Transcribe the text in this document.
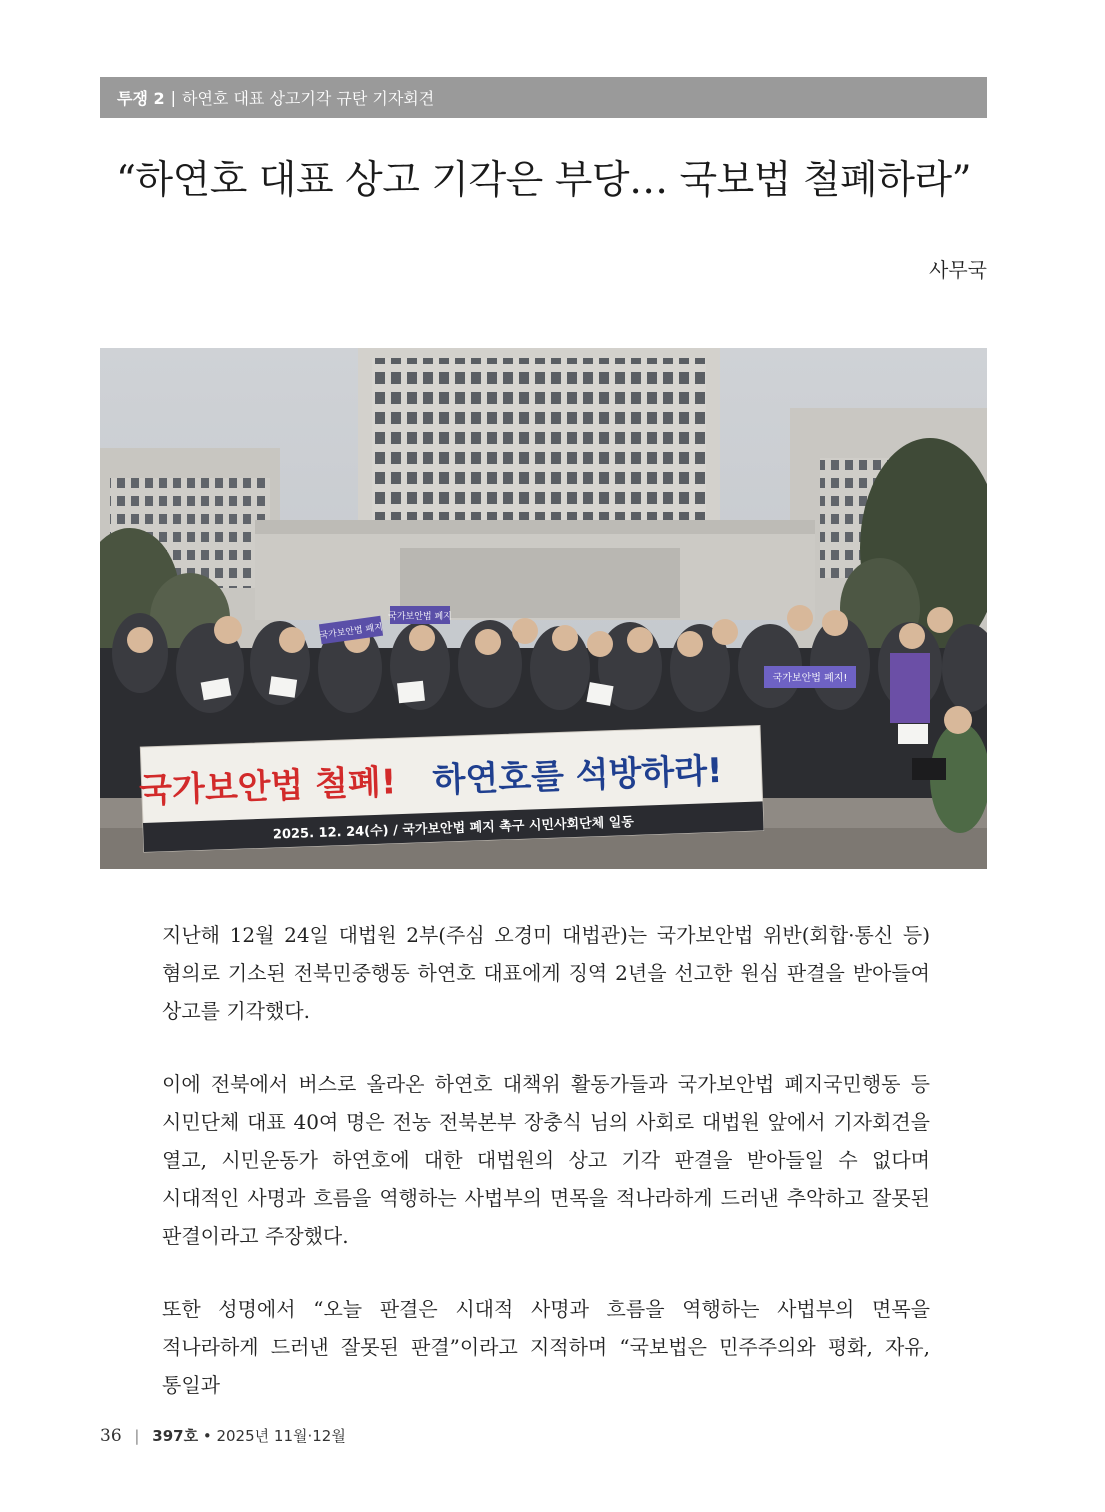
투쟁 2 | 하연호 대표 상고기각 규탄 기자회견
“하연호 대표 상고 기각은 부당… 국보법 철폐하라”
사무국
국가보안법 폐지
국가보안법 폐지
국가보안법 폐지!
국가보안법 철폐! 하연호를 석방하라!
2025. 12. 24(수) / 국가보안법 폐지 촉구 시민사회단체 일동

지난해 12월 24일 대법원 2부(주심 오경미 대법관)는 국가보안법 위반(회합·통신 등) 혐의로 기소된 전북민중행동 하연호 대표에게 징역 2년을 선고한 원심 판결을 받아들여 상고를 기각했다.

이에 전북에서 버스로 올라온 하연호 대책위 활동가들과 국가보안법 폐지국민행동 등 시민단체 대표 40여 명은 전농 전북본부 장충식 님의 사회로 대법원 앞에서 기자회견을 열고, 시민운동가 하연호에 대한 대법원의 상고 기각 판결을 받아들일 수 없다며 시대적인 사명과 흐름을 역행하는 사법부의 면목을 적나라하게 드러낸 추악하고 잘못된 판결이라고 주장했다.

또한 성명에서 “오늘 판결은 시대적 사명과 흐름을 역행하는 사법부의 면목을 적나라하게 드러낸 잘못된 판결”이라고 지적하며 “국보법은 민주주의와 평화, 자유, 통일과

36 | 397호 • 2025년 11월·12월
